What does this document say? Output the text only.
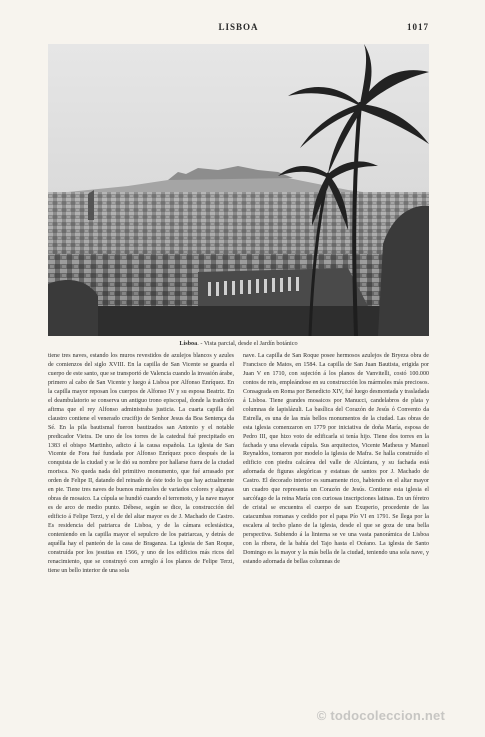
LISBOA	1017
Lisboa. - Vista parcial, desde el Jardín botánico

tiene tres naves, estando los muros revestidos de azulejos blancos y azules de comienzos del siglo XVIII. En la capilla de San Vicente se guarda el cuerpo de este santo, que se transportó de Valencia cuando la invasión árabe, primero al cabo de San Vicente y luego á Lisboa por Alfonso Enríquez. En la capilla mayor reposan los cuerpos de Alfonso IV y su esposa Beatriz. En el deambulatorio se conserva un antiguo trono episcopal, donde la tradición afirma que el rey Alfonso administraba justicia. La cuarta capilla del claustro contiene el venerado crucifijo de Senhor Jesus da Boa Sentença da Sé. En la pila bautismal fueron bautizados san Antonio y el notable predicador Vieira. De uno de los torres de la catedral fué precipitado en 1383 el obispo Martinho, adicto á la causa española. La iglesia de San Vicente de Fora fué fundada por Alfonso Enríquez poco después de la conquista de la ciudad y se le dió su nombre por hallarse fuera de la ciudad morisca. No queda nada del primitivo monumento, que fué arrasado por orden de Felipe II, datando del reinado de éste todo lo que hay actualmente en pie. Tiene tres naves de buenos mármoles de variados colores y algunas obras de mosaico. La cúpula se hundió cuando el terremoto, y la nave mayor es de arco de medio punto. Débese, según se dice, la construcción del edificio á Felipe Terzi, y el de del altar mayor es de J. Machado de Castro. Es residencia del patriarca de Lisboa, y de la cámara eclesiástica, conteniendo en la capilla mayor el sepulcro de los patriarcas, y detrás de aquélla hay el panteón de la casa de Braganza. La iglesia de San Roque, construída por los jesuitas en 1566, y uno de los edificios más ricos del renacimiento, que se construyó con arreglo á los planos de Felipe Terzi, tiene un bello interior de una sola

nave. La capilla de San Roque posee hermosos azulejos de Bryeza obra de Francisco de Matos, en 1584. La capilla de San Juan Bautista, erigida por Juan V en 1710, con sujeción á los planos de Vanvitelli, costó 100.000 contos de reis, empleándose en su construcción los mármoles más preciosos. Consagrada en Roma por Benedicto XIV, fué luego desmontada y trasladada á Lisboa. Tiene grandes mosaicos por Manucci, candelabros de plata y columnas de lapislázuli. La basílica del Corazón de Jesús ó Convento da Estrella, es una de las más bellos monumentos de la ciudad. Las obras de esta iglesia comenzaron en 1779 por iniciativa de doña María, esposa de Pedro III, que hizo voto de edificarla si tenía hijo. Tiene dos torres en la fachada y una elevada cúpula. Sus arquitectos, Vicente Matheus y Manuel Reynaldos, tomaron por modelo la iglesia de Mafra. Se halla construído el edificio con piedra calcárea del valle de Alcántara, y su fachada está adornada de figuras alegóricas y estatuas de santos por J. Machado de Castro. El decorado interior es sumamente rico, habiendo en el altar mayor un cuadro que representa un Corazón de Jesús. Contiene esta iglesia el sarcófago de la reina María con curiosas inscripciones latinas. En un féretro de cristal se encuentra el cuerpo de san Exuperio, procedente de las catacumbas romanas y cedido por el papa Pío VI en 1791. Se llega por la escalera al techo plano de la iglesia, desde el que se goza de una bella perspectiva. Subiendo á la linterna se ve una vasta panorámica de Lisboa con la ribera, de la bahía del Tajo hasta el Océano. La iglesia de Santo Domingo es la mayor y la más bella de la ciudad, teniendo una sola nave, y estando adornada de bellas columnas de

© todocoleccion.net
